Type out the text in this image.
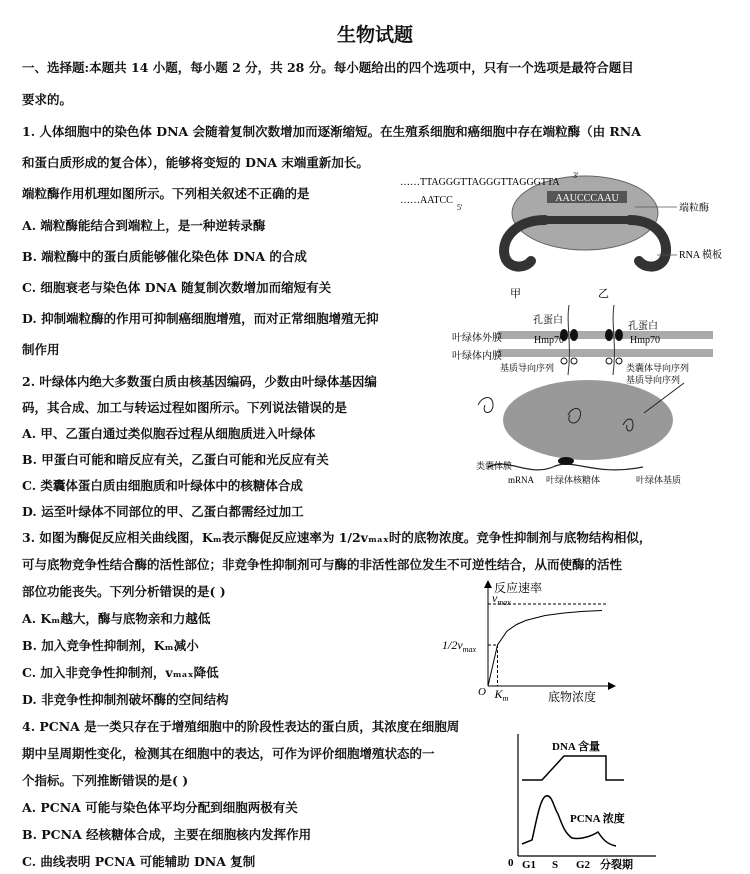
生物试题
一、选择题:本题共 14 小题，每小题 2 分，共 28 分。每小题给出的四个选项中，只有一个选项是最符合题目
要求的。
1. 人体细胞中的染色体 DNA 会随着复制次数增加而逐渐缩短。在生殖系细胞和癌细胞中存在端粒酶（由 RNA
和蛋白质形成的复合体），能够将变短的 DNA 末端重新加长。
端粒酶作用机理如图所示。下列相关叙述不正确的是
A. 端粒酶能结合到端粒上，是一种逆转录酶
B. 端粒酶中的蛋白质能够催化染色体 DNA 的合成
C. 细胞衰老与染色体 DNA 随复制次数增加而缩短有关
D. 抑制端粒酶的作用可抑制癌细胞增殖，而对正常细胞增殖无抑
制作用
AAUCCCAAU
……TTAGGGTTAGGGTTAGGGTTA
3'
……AATCC
5'	端粒酶
RNA 模板
2. 叶绿体内绝大多数蛋白质由核基因编码，少数由叶绿体基因编
码，其合成、加工与转运过程如图所示。下列说法错误的是
A. 甲、乙蛋白通过类似胞吞过程从细胞质进入叶绿体
B. 甲蛋白可能和暗反应有关，乙蛋白可能和光反应有关
C. 类囊体蛋白质由细胞质和叶绿体中的核糖体合成
D. 运至叶绿体不同部位的甲、乙蛋白都需经过加工
甲	乙
孔蛋白
孔蛋白
叶绿体外膜
叶绿体内膜
Hmp70	Hmp70
基质导向序列	类囊体导向序列
基质导向序列
类囊体膜
mRNA 叶绿体核糖体	叶绿体基质
3. 如图为酶促反应相关曲线图，Kₘ表示酶促反应速率为 1/2vₘₐₓ时的底物浓度。竞争性抑制剂与底物结构相似，
可与底物竞争性结合酶的活性部位；非竞争性抑制剂可与酶的非活性部位发生不可逆性结合，从而使酶的活性
部位功能丧失。下列分析错误的是( )
A. Kₘ越大，酶与底物亲和力越低
B. 加入竞争性抑制剂，Kₘ减小
C. 加入非竞争性抑制剂，vₘₐₓ降低
D. 非竞争性抑制剂破坏酶的空间结构
反应速率
底物浓度
O
$v_{max}$
$1/2v_{max}$
$K_m$
4. PCNA 是一类只存在于增殖细胞中的阶段性表达的蛋白质，其浓度在细胞周
期中呈周期性变化，检测其在细胞中的表达，可作为评价细胞增殖状态的一
个指标。下列推断错误的是( )
A. PCNA 可能与染色体平均分配到细胞两极有关
B. PCNA 经核糖体合成，主要在细胞核内发挥作用
C. 曲线表明 PCNA 可能辅助 DNA 复制
DNA 含量
PCNA 浓度
0 G1 S G2 分裂期
